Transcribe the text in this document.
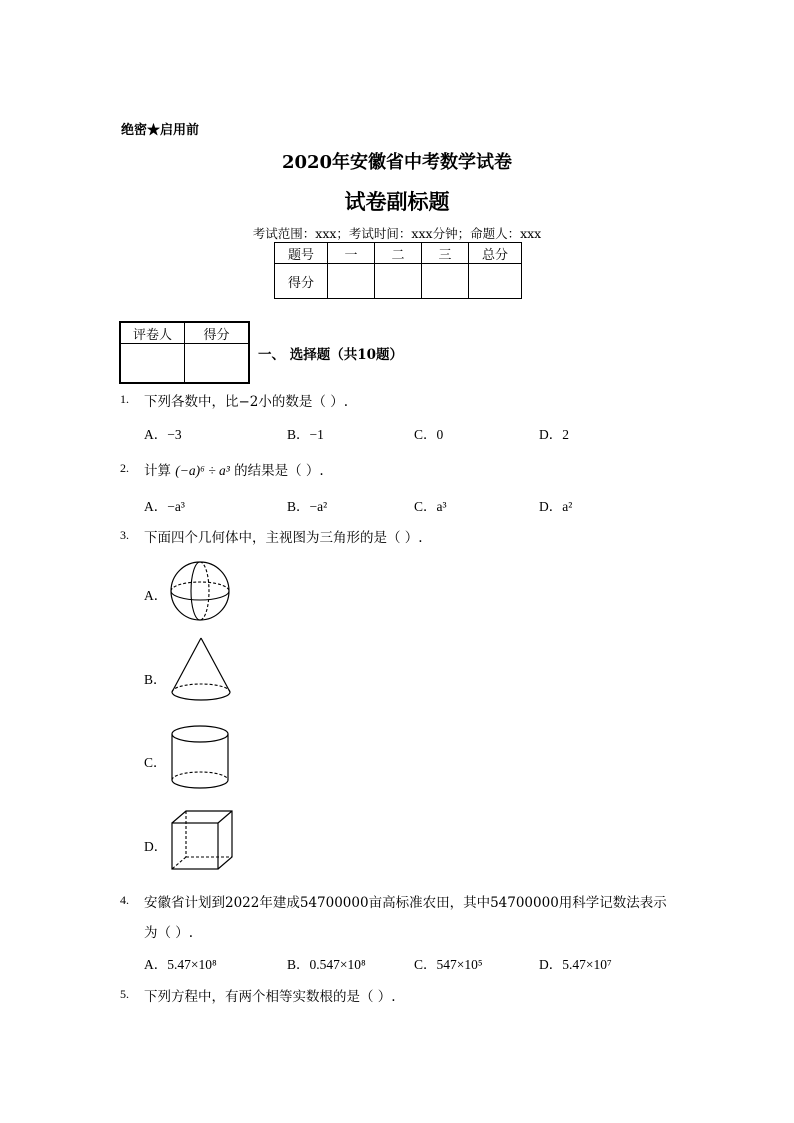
绝密★启用前
2020年安徽省中考数学试卷
试卷副标题
考试范围：xxx；考试时间：xxx分钟；命题人：xxx
题号	一	二	三	总分
得分				
评卷人	得分

一、 选择题（共10题）
1. 下列各数中，比−2小的数是（ ）.
A．−3	B．−1	C．0	D．2
2. 计算 (−a)⁶ ÷ a³ 的结果是（ ）.
A．−a³	B．−a²	C．a³	D．a²
3. 下面四个几何体中，主视图为三角形的是（ ）.
A．
B．
C．
D．
4. 安徽省计划到2022年建成54700000亩高标准农田，其中54700000用科学记数法表示
为（ ）.
A．5.47×10⁸	B．0.547×10⁸	C．547×10⁵	D．5.47×10⁷
5. 下列方程中，有两个相等实数根的是（ ）.
